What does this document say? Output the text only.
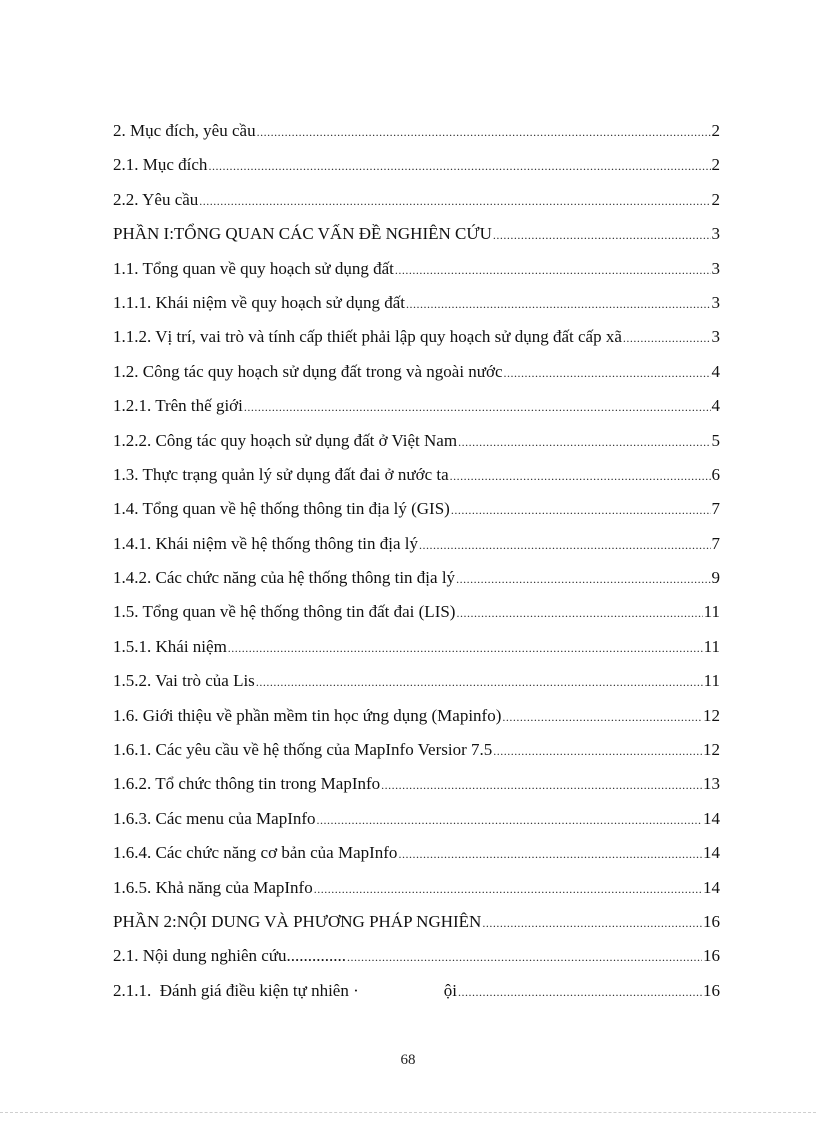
2. Mục đích, yêu cầu .....	2
2.1. Mục đích .....	2
2.2. Yêu cầu .....	2
PHẦN I:TỔNG QUAN CÁC VẤN ĐỀ NGHIÊN CỨU .....	3
1.1. Tổng quan về quy hoạch sử dụng đất .....	3
1.1.1. Khái niệm về quy hoạch sử dụng đất .....	3
1.1.2. Vị trí, vai trò và tính cấp thiết phải lập quy hoạch sử dụng đất cấp xã .....	3
1.2. Công tác quy hoạch sử dụng đất trong và ngoài nước .....	4
1.2.1. Trên thế giới .....	4
1.2.2. Công tác quy hoạch sử dụng đất ở Việt Nam .....	5
1.3. Thực trạng quản lý sử dụng đất đai ở nước ta .....	6
1.4. Tổng quan về hệ thống thông tin địa lý (GIS) .....	7
1.4.1. Khái niệm về hệ thống thông tin địa lý .....	7
1.4.2. Các chức năng của hệ thống thông tin địa lý .....	9
1.5. Tổng quan về hệ thống thông tin đất đai (LIS) .....	11
1.5.1. Khái niệm .....	11
1.5.2. Vai trò của Lis .....	11
1.6. Giới thiệu về phần mềm tin học ứng dụng (Mapinfo) .....	12
1.6.1. Các yêu cầu về hệ thống của MapInfo Versior 7.5 .....	12
1.6.2. Tổ chức thông tin trong MapInfo .....	13
1.6.3. Các menu của MapInfo .....	14
1.6.4. Các chức năng cơ bản của MapInfo .....	14
1.6.5. Khả năng của MapInfo .....	14
PHẦN 2:NỘI DUNG VÀ PHƯƠNG PHÁP NGHIÊN .....	16
2.1. Nội dung nghiên cứu.............. .....	16
2.1.1.  Đánh giá điều kiện tự nhiên ·                    ội .....	16
68
